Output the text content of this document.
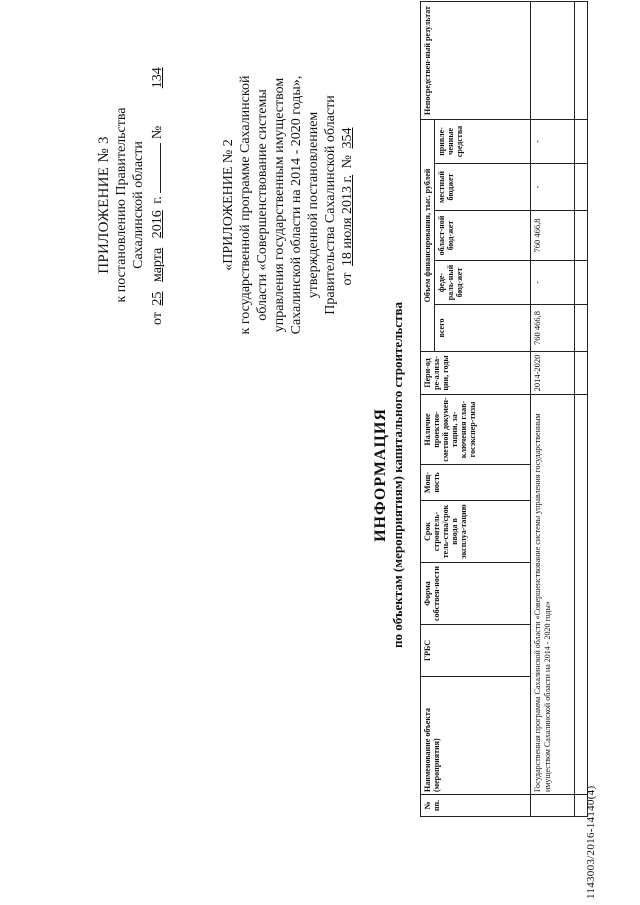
ПРИЛОЖЕНИЕ № 3 к постановлению Правительства Сахалинской области
от 25 марта 2016 г.  № 134
«ПРИЛОЖЕНИЕ № 2 к государственной программе Сахалинской области «Совершенствование системы управления государственным имуществом Сахалинской области на 2014 - 2020 годы», утвержденной постановлением Правительства Сахалинской области от 18 июля 2013 г. № 354
ИНФОРМАЦИЯ по объектам (мероприятиям) капитального строительства
№ пп.	Наименование объекта (мероприятия)	ГРБС	Форма собствен-ности	Срок строитель-тель-ства/срок ввода в эксплуа-тацию	Мощ-ность	Наличие проектно-сметной докумен-тации, за-ключения глав-госэкспер-тизы	Пери-од ре-ализа-ции, годы	Объем финансирования, тыс. рублей					Непосредствен-ный результат
								всего	феде-раль-ный бюд-жет	област-ной бюд-жет	местный бюджет	привле-ченные средства	
	Государственная программа Сахалинской области «Совершенствование системы управления государственным имуществом Сахалинской области на 2014 - 2020 годы»						2014-2020	760 466,8	-	760 466,8	-	-	

1143003/2016-14140(4)
